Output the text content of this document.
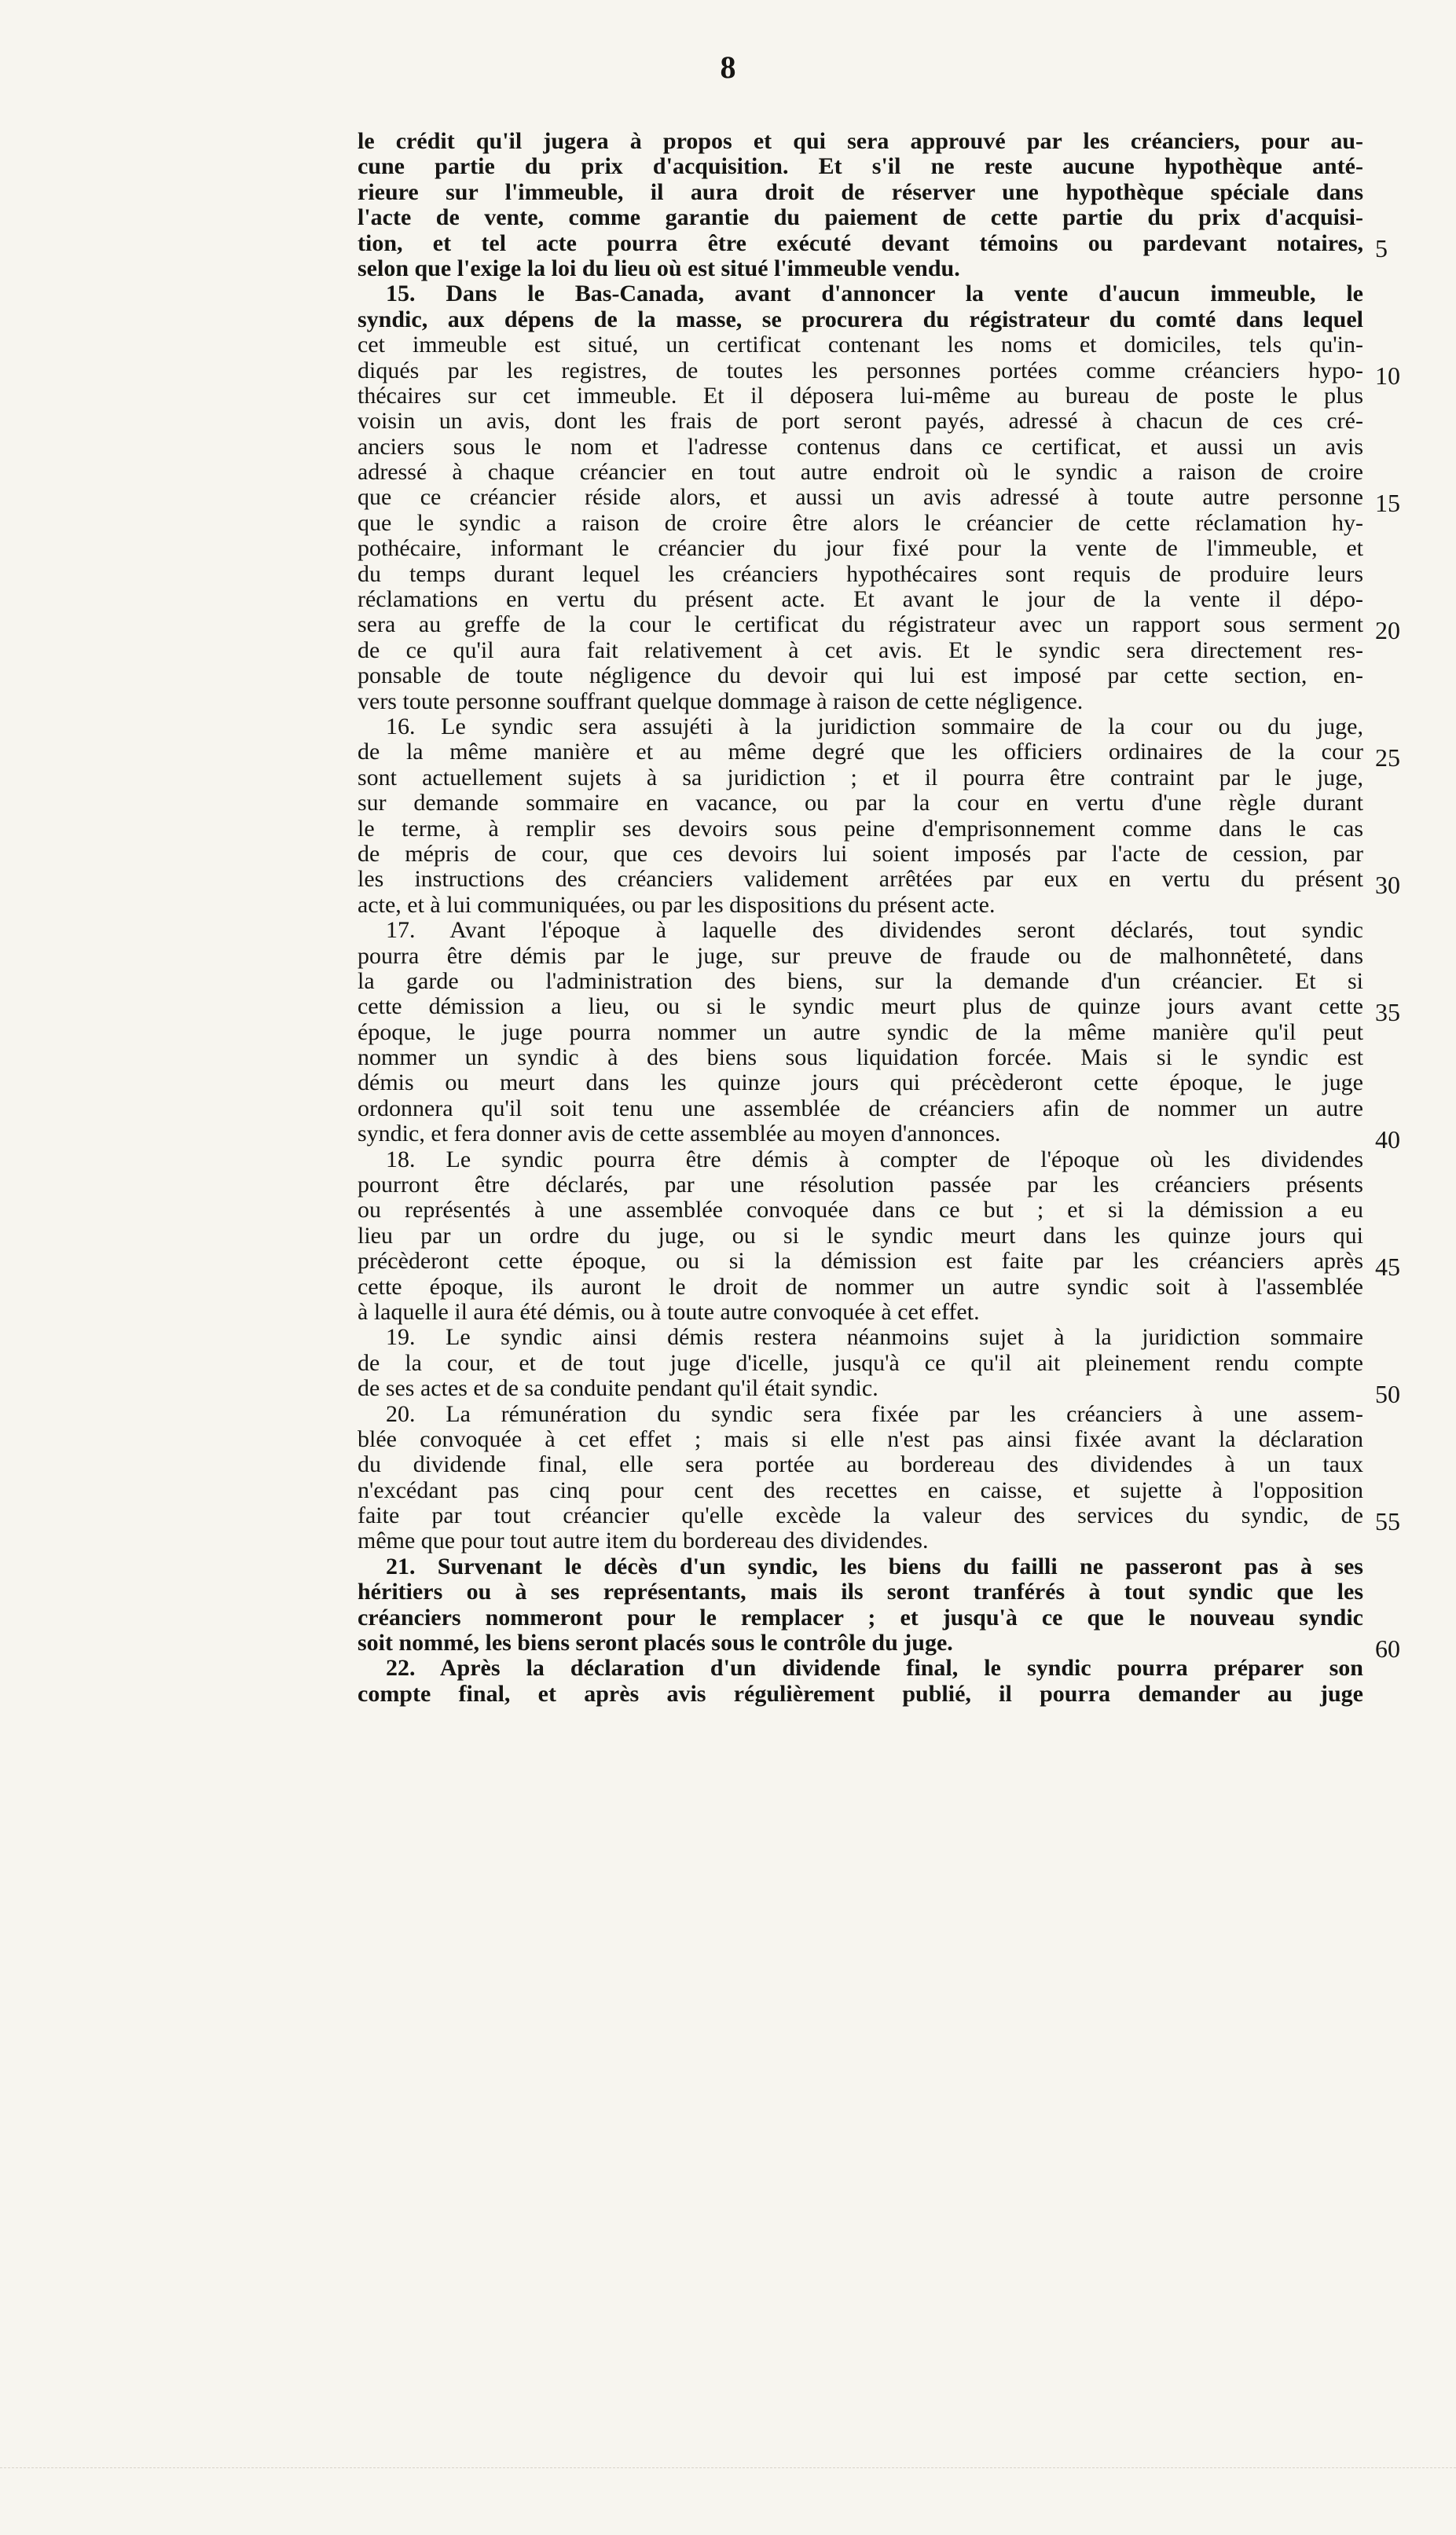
8
le crédit qu'il jugera à propos et qui sera approuvé par les créanciers, pour au-
cune partie du prix d'acquisition. Et s'il ne reste aucune hypothèque anté-
rieure sur l'immeuble, il aura droit de réserver une hypothèque spéciale dans
l'acte de vente, comme garantie du paiement de cette partie du prix d'acquisi-
tion, et tel acte pourra être exécuté devant témoins ou pardevant notaires,
selon que l'exige la loi du lieu où est situé l'immeuble vendu.
15. Dans le Bas-Canada, avant d'annoncer la vente d'aucun immeuble, le
syndic, aux dépens de la masse, se procurera du régistrateur du comté dans lequel
cet immeuble est situé, un certificat contenant les noms et domiciles, tels qu'in-
diqués par les registres, de toutes les personnes portées comme créanciers hypo-
thécaires sur cet immeuble. Et il déposera lui-même au bureau de poste le plus
voisin un avis, dont les frais de port seront payés, adressé à chacun de ces cré-
anciers sous le nom et l'adresse contenus dans ce certificat, et aussi un avis
adressé à chaque créancier en tout autre endroit où le syndic a raison de croire
que ce créancier réside alors, et aussi un avis adressé à toute autre personne
que le syndic a raison de croire être alors le créancier de cette réclamation hy-
pothécaire, informant le créancier du jour fixé pour la vente de l'immeuble, et
du temps durant lequel les créanciers hypothécaires sont requis de produire leurs
réclamations en vertu du présent acte. Et avant le jour de la vente il dépo-
sera au greffe de la cour le certificat du régistrateur avec un rapport sous serment
de ce qu'il aura fait relativement à cet avis. Et le syndic sera directement res-
ponsable de toute négligence du devoir qui lui est imposé par cette section, en-
vers toute personne souffrant quelque dommage à raison de cette négligence.
16. Le syndic sera assujéti à la juridiction sommaire de la cour ou du juge,
de la même manière et au même degré que les officiers ordinaires de la cour
sont actuellement sujets à sa juridiction ; et il pourra être contraint par le juge,
sur demande sommaire en vacance, ou par la cour en vertu d'une règle durant
le terme, à remplir ses devoirs sous peine d'emprisonnement comme dans le cas
de mépris de cour, que ces devoirs lui soient imposés par l'acte de cession, par
les instructions des créanciers validement arrêtées par eux en vertu du présent
acte, et à lui communiquées, ou par les dispositions du présent acte.
17. Avant l'époque à laquelle des dividendes seront déclarés, tout syndic
pourra être démis par le juge, sur preuve de fraude ou de malhonnêteté, dans
la garde ou l'administration des biens, sur la demande d'un créancier. Et si
cette démission a lieu, ou si le syndic meurt plus de quinze jours avant cette
époque, le juge pourra nommer un autre syndic de la même manière qu'il peut
nommer un syndic à des biens sous liquidation forcée. Mais si le syndic est
démis ou meurt dans les quinze jours qui précèderont cette époque, le juge
ordonnera qu'il soit tenu une assemblée de créanciers afin de nommer un autre
syndic, et fera donner avis de cette assemblée au moyen d'annonces.
18. Le syndic pourra être démis à compter de l'époque où les dividendes
pourront être déclarés, par une résolution passée par les créanciers présents
ou représentés à une assemblée convoquée dans ce but ; et si la démission a eu
lieu par un ordre du juge, ou si le syndic meurt dans les quinze jours qui
précèderont cette époque, ou si la démission est faite par les créanciers après
cette époque, ils auront le droit de nommer un autre syndic soit à l'assemblée
à laquelle il aura été démis, ou à toute autre convoquée à cet effet.
19. Le syndic ainsi démis restera néanmoins sujet à la juridiction sommaire
de la cour, et de tout juge d'icelle, jusqu'à ce qu'il ait pleinement rendu compte
de ses actes et de sa conduite pendant qu'il était syndic.
20. La rémunération du syndic sera fixée par les créanciers à une assem-
blée convoquée à cet effet ; mais si elle n'est pas ainsi fixée avant la déclaration
du dividende final, elle sera portée au bordereau des dividendes à un taux
n'excédant pas cinq pour cent des recettes en caisse, et sujette à l'opposition
faite par tout créancier qu'elle excède la valeur des services du syndic, de
même que pour tout autre item du bordereau des dividendes.
21. Survenant le décès d'un syndic, les biens du failli ne passeront pas à ses
héritiers ou à ses représentants, mais ils seront tranférés à tout syndic que les
créanciers nommeront pour le remplacer ; et jusqu'à ce que le nouveau syndic
soit nommé, les biens seront placés sous le contrôle du juge.
22. Après la déclaration d'un dividende final, le syndic pourra préparer son
compte final, et après avis régulièrement publié, il pourra demander au juge
5
10
15
20
25
30
35
40
45
50
55
60
